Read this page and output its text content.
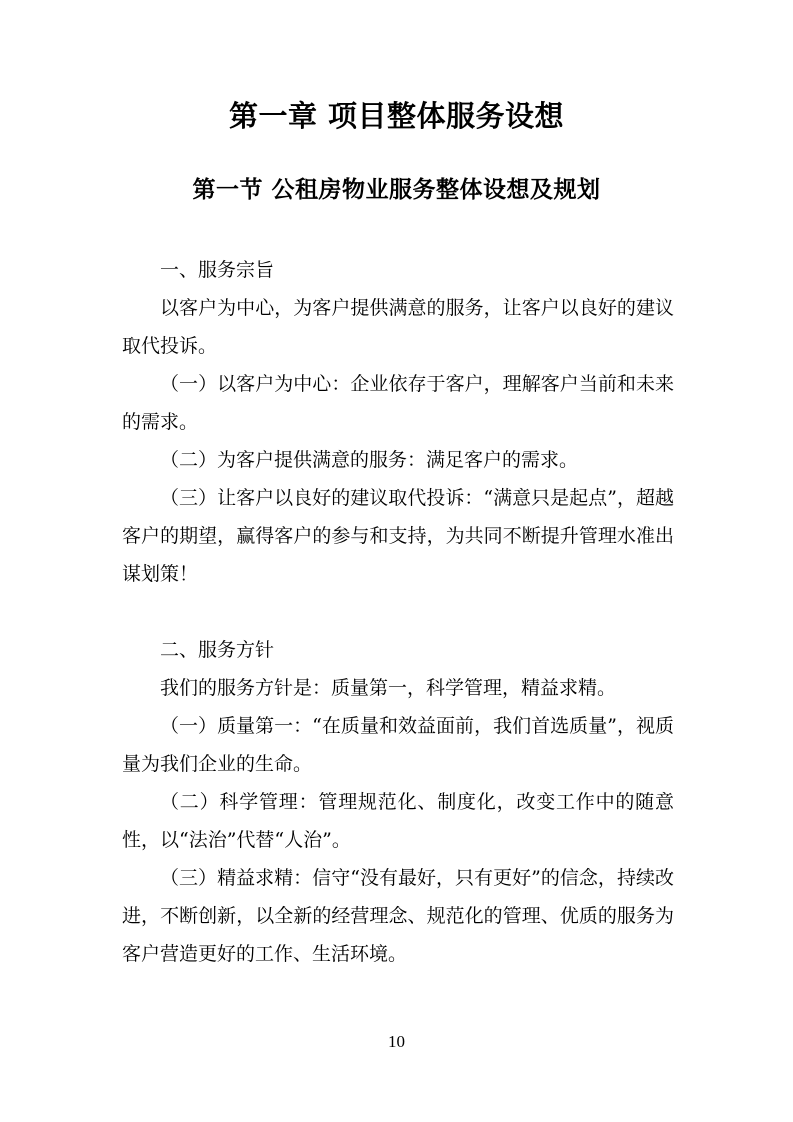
第一章 项目整体服务设想
第一节 公租房物业服务整体设想及规划

一、服务宗旨

以客户为中心，为客户提供满意的服务，让客户以良好的建议取代投诉。

（一）以客户为中心：企业依存于客户，理解客户当前和未来的需求。

（二）为客户提供满意的服务：满足客户的需求。

（三）让客户以良好的建议取代投诉：“满意只是起点”，超越客户的期望，赢得客户的参与和支持，为共同不断提升管理水准出谋划策！

二、服务方针

我们的服务方针是：质量第一，科学管理，精益求精。

（一）质量第一：“在质量和效益面前，我们首选质量”，视质量为我们企业的生命。

（二）科学管理：管理规范化、制度化，改变工作中的随意性，以“法治”代替“人治”。

（三）精益求精：信守“没有最好，只有更好”的信念，持续改进，不断创新，以全新的经营理念、规范化的管理、优质的服务为客户营造更好的工作、生活环境。

10
